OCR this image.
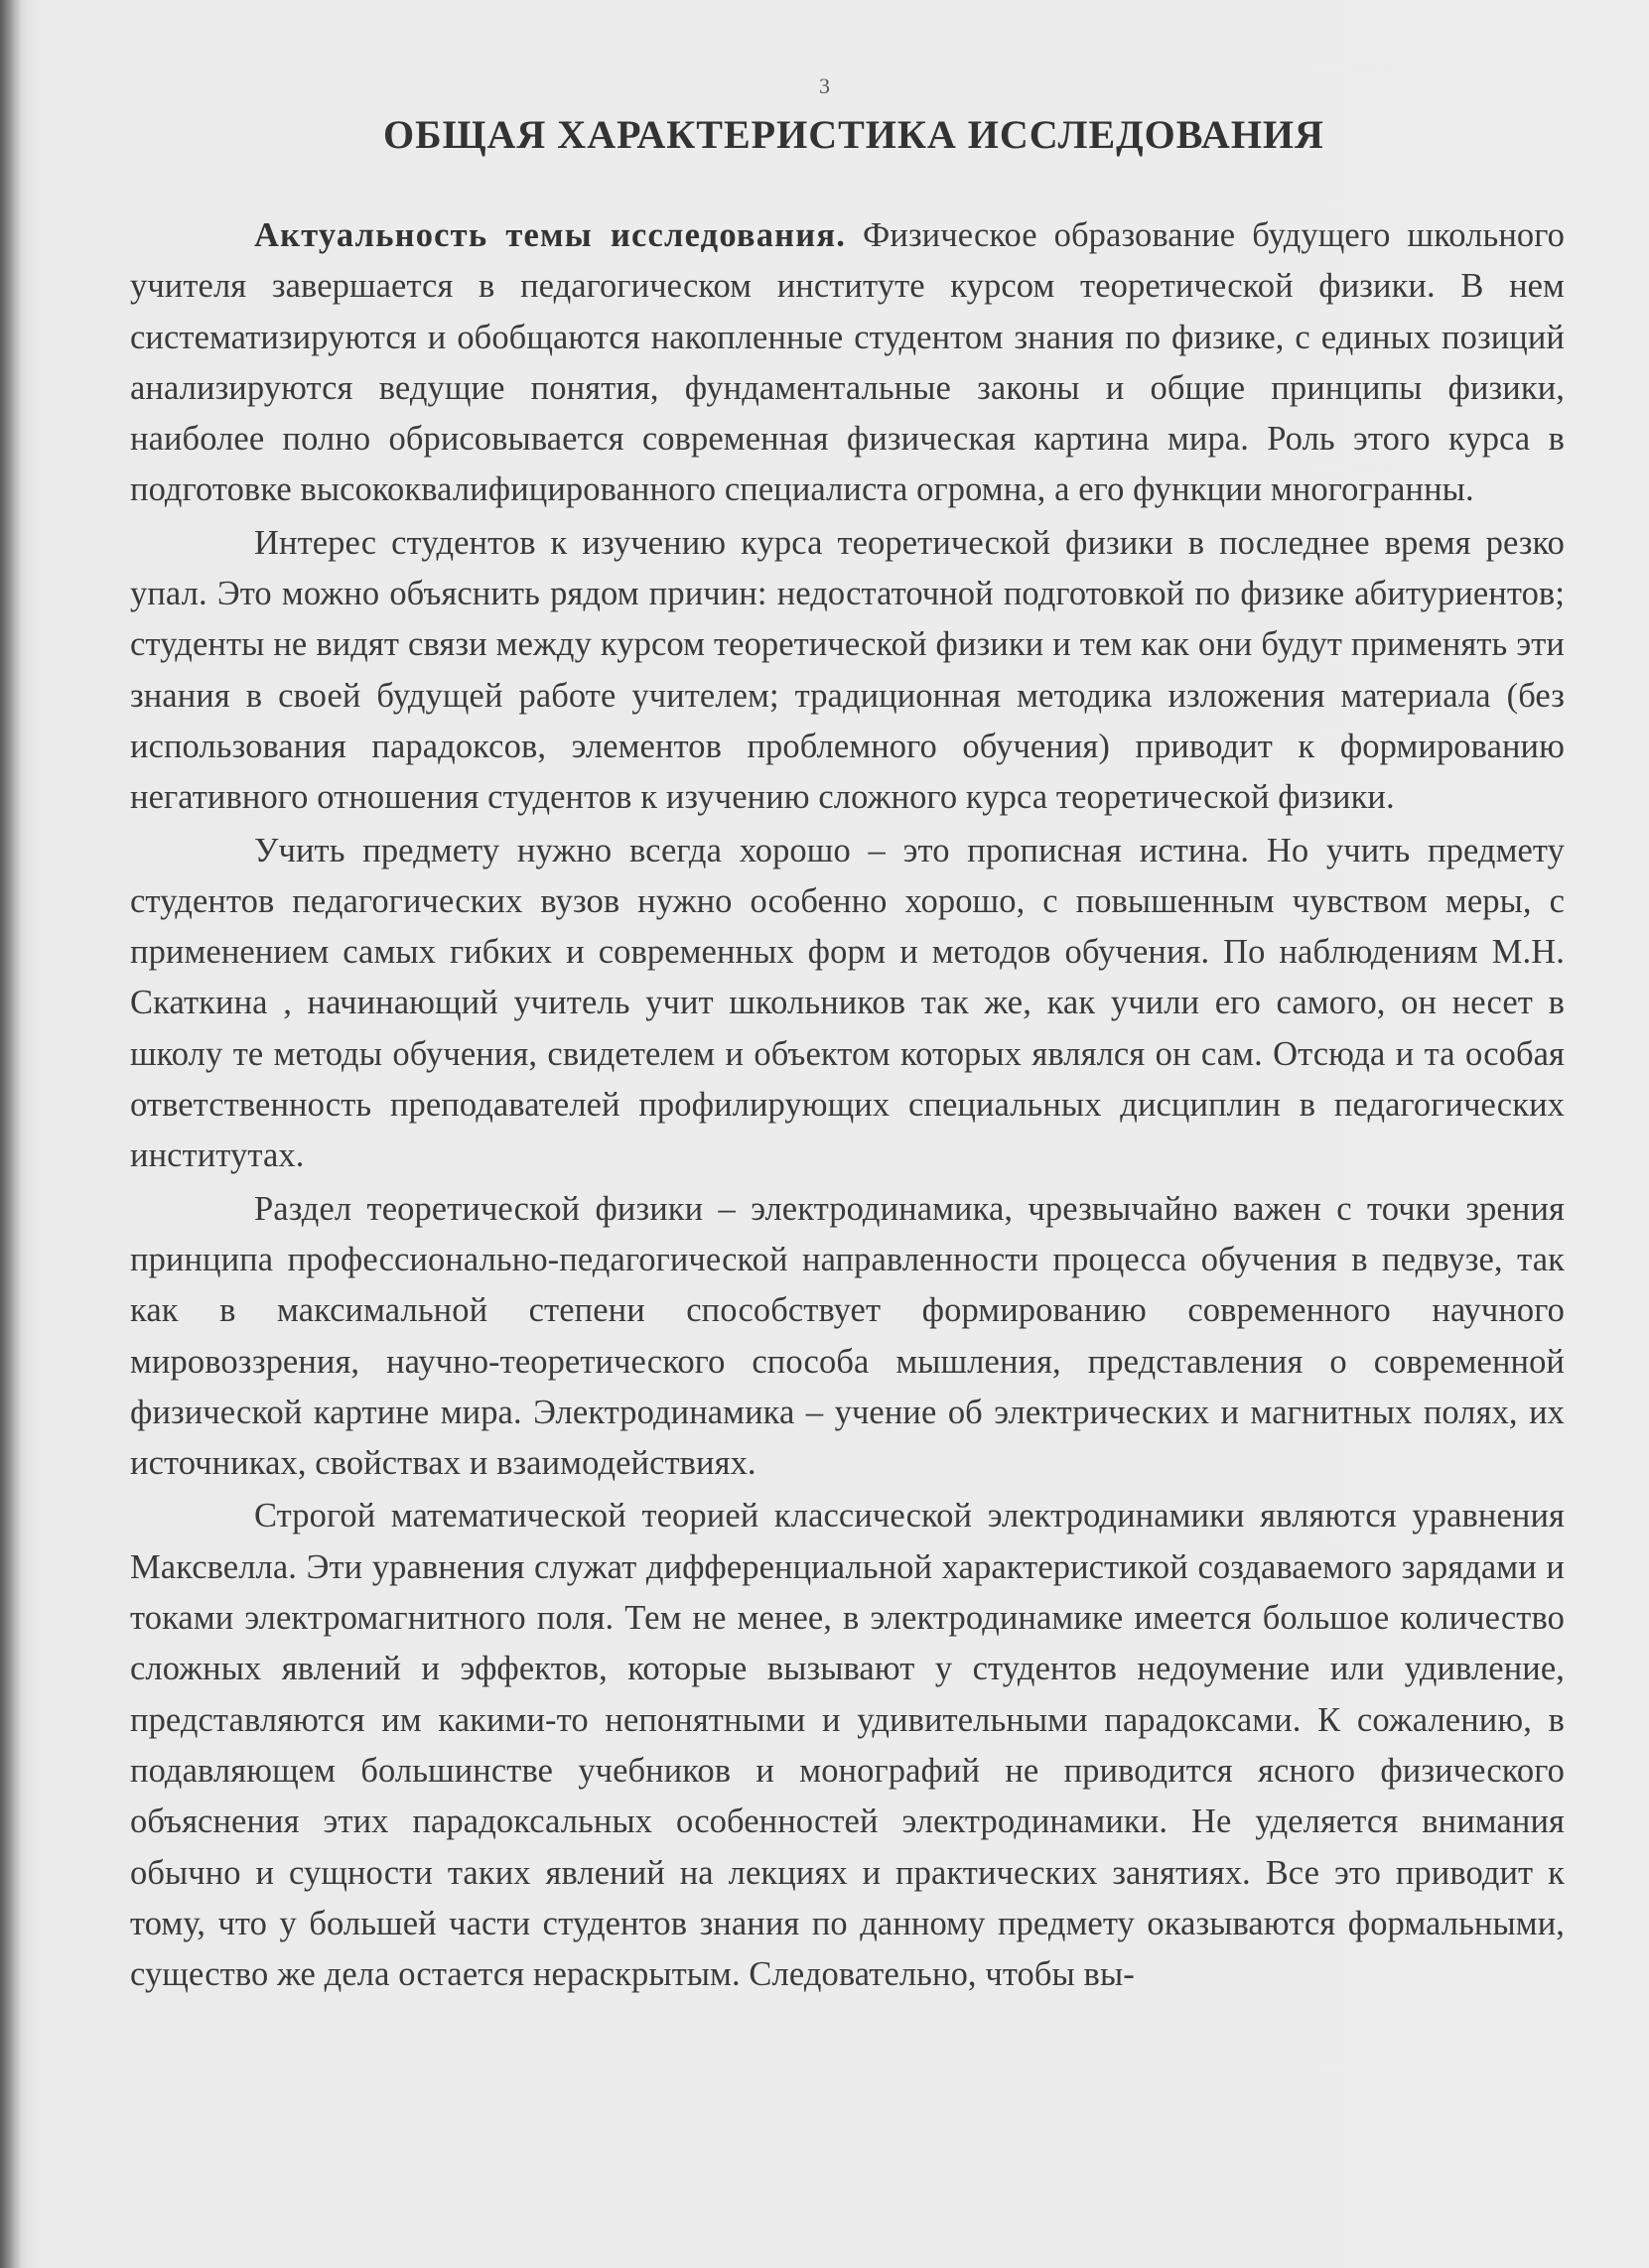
3
ОБЩАЯ ХАРАКТЕРИСТИКА ИССЛЕДОВАНИЯ

Актуальность темы исследования. Физическое образование будущего школьного учителя завершается в педагогическом институте курсом теоретической физики. В нем систематизируются и обобщаются накопленные студентом знания по физике, с единых позиций анализируются ведущие понятия, фундаментальные законы и общие принципы физики, наиболее полно обрисовывается современная физическая картина мира. Роль этого курса в подготовке высококвалифицированного специалиста огромна, а его функции многогранны.

Интерес студентов к изучению курса теоретической физики в последнее время резко упал. Это можно объяснить рядом причин: недостаточной подготовкой по физике абитуриентов; студенты не видят связи между курсом теоретической физики и тем как они будут применять эти знания в своей будущей работе учителем; традиционная методика изложения материала (без использования парадоксов, элементов проблемного обучения) приводит к формированию негативного отношения студентов к изучению сложного курса теоретической физики.

Учить предмету нужно всегда хорошо – это прописная истина. Но учить предмету студентов педагогических вузов нужно особенно хорошо, с повышенным чувством меры, с применением самых гибких и современных форм и методов обучения. По наблюдениям М.Н. Скаткина , начинающий учитель учит школьников так же, как учили его самого, он несет в школу те методы обучения, свидетелем и объектом которых являлся он сам. Отсюда и та особая ответственность преподавателей профилирующих специальных дисциплин в педагогических институтах.

Раздел теоретической физики – электродинамика, чрезвычайно важен с точки зрения принципа профессионально-педагогической направленности процесса обучения в педвузе, так как в максимальной степени способствует формированию современного научного мировоззрения, научно-теоретического способа мышления, представления о современной физической картине мира. Электродинамика – учение об электрических и магнитных полях, их источниках, свойствах и взаимодействиях.

Строгой математической теорией классической электродинамики являются уравнения Максвелла. Эти уравнения служат дифференциальной характеристикой создаваемого зарядами и токами электромагнитного поля. Тем не менее, в электродинамике имеется большое количество сложных явлений и эффектов, которые вызывают у студентов недоумение или удивление, представляются им какими-то непонятными и удивительными парадоксами. К сожалению, в подавляющем большинстве учебников и монографий не приводится ясного физического объяснения этих парадоксальных особенностей электродинамики. Не уделяется внимания обычно и сущности таких явлений на лекциях и практических занятиях. Все это приводит к тому, что у большей части студентов знания по данному предмету оказываются формальными, существо же дела остается нераскрытым. Следовательно, чтобы вы-
